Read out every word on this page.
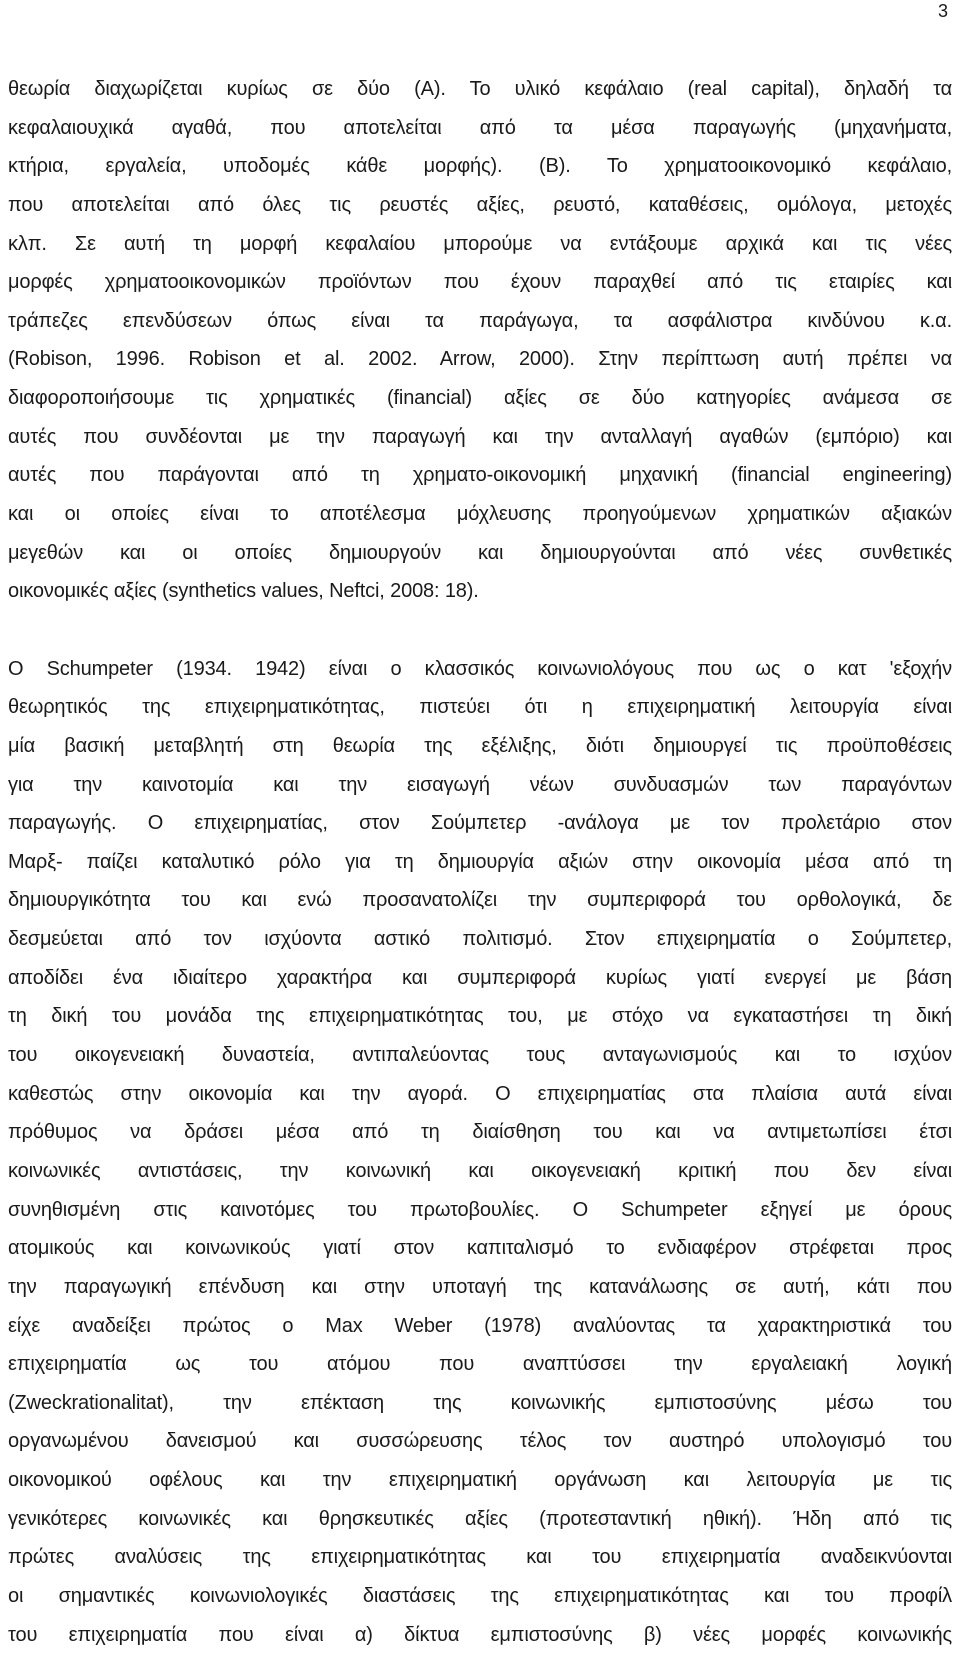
3
θεωρία διαχωρίζεται κυρίως σε δύο (Α). Το υλικό κεφάλαιο (real capital), δηλαδή τα
κεφαλαιουχικά αγαθά, που αποτελείται από τα μέσα παραγωγής (μηχανήματα,
κτήρια, εργαλεία, υποδομές κάθε μορφής). (Β). Το χρηματοοικονομικό κεφάλαιο,
που αποτελείται από όλες τις ρευστές αξίες, ρευστό, καταθέσεις, ομόλογα, μετοχές
κλπ. Σε αυτή τη μορφή κεφαλαίου μπορούμε να εντάξουμε αρχικά και τις νέες
μορφές χρηματοοικονομικών προϊόντων που έχουν παραχθεί από τις εταιρίες και
τράπεζες επενδύσεων όπως είναι τα παράγωγα, τα ασφάλιστρα κινδύνου κ.α.
(Robison, 1996. Robison et al. 2002. Arrow, 2000). Στην περίπτωση αυτή πρέπει να
διαφοροποιήσουμε τις χρηματικές (financial) αξίες σε δύο κατηγορίες ανάμεσα σε
αυτές που συνδέονται με την παραγωγή και την ανταλλαγή αγαθών (εμπόριο) και
αυτές που παράγονται από τη χρηματο-οικονομική μηχανική (financial engineering)
και οι οποίες είναι το αποτέλεσμα μόχλευσης προηγούμενων χρηματικών αξιακών
μεγεθών και οι οποίες δημιουργούν και δημιουργούνται από νέες συνθετικές
οικονομικές αξίες (synthetics values, Neftci, 2008: 18).
Ο Schumpeter (1934. 1942) είναι ο κλασσικός κοινωνιολόγους που ως ο κατ 'εξοχήν
θεωρητικός της επιχειρηματικότητας, πιστεύει ότι η επιχειρηματική λειτουργία είναι
μία βασική μεταβλητή στη θεωρία της εξέλιξης, διότι δημιουργεί τις προϋποθέσεις
για την καινοτομία και την εισαγωγή νέων συνδυασμών των παραγόντων
παραγωγής. Ο επιχειρηματίας, στον Σούμπετερ -ανάλογα με τον προλετάριο στον
Μαρξ- παίζει καταλυτικό ρόλο για τη δημιουργία αξιών στην οικονομία μέσα από τη
δημιουργικότητα του και ενώ προσανατολίζει την συμπεριφορά του ορθολογικά, δε
δεσμεύεται από τον ισχύοντα αστικό πολιτισμό. Στον επιχειρηματία ο Σούμπετερ,
αποδίδει ένα ιδιαίτερο χαρακτήρα και συμπεριφορά κυρίως γιατί ενεργεί με βάση
τη δική του μονάδα της επιχειρηματικότητας του, με στόχο να εγκαταστήσει τη δική
του οικογενειακή δυναστεία, αντιπαλεύοντας τους ανταγωνισμούς και το ισχύον
καθεστώς στην οικονομία και την αγορά. Ο επιχειρηματίας στα πλαίσια αυτά είναι
πρόθυμος να δράσει μέσα από τη διαίσθηση του και να αντιμετωπίσει έτσι
κοινωνικές αντιστάσεις, την κοινωνική και οικογενειακή κριτική που δεν είναι
συνηθισμένη στις καινοτόμες του πρωτοβουλίες. Ο Schumpeter εξηγεί με όρους
ατομικούς και κοινωνικούς γιατί στον καπιταλισμό το ενδιαφέρον στρέφεται προς
την παραγωγική επένδυση και στην υποταγή της κατανάλωσης σε αυτή, κάτι που
είχε αναδείξει πρώτος ο Max Weber (1978) αναλύοντας τα χαρακτηριστικά του
επιχειρηματία ως του ατόμου που αναπτύσσει την εργαλειακή λογική
(Zweckrationalitat), την επέκταση της κοινωνικής εμπιστοσύνης μέσω του
οργανωμένου δανεισμού και συσσώρευσης τέλος τον αυστηρό υπολογισμό του
οικονομικού οφέλους και την επιχειρηματική οργάνωση και λειτουργία με τις
γενικότερες κοινωνικές και θρησκευτικές αξίες (προτεσταντική ηθική). Ήδη από τις
πρώτες αναλύσεις της επιχειρηματικότητας και του επιχειρηματία αναδεικνύονται
οι σημαντικές κοινωνιολογικές διαστάσεις της επιχειρηματικότητας και του προφίλ
του επιχειρηματία που είναι α) δίκτυα εμπιστοσύνης β) νέες μορφές κοινωνικής
